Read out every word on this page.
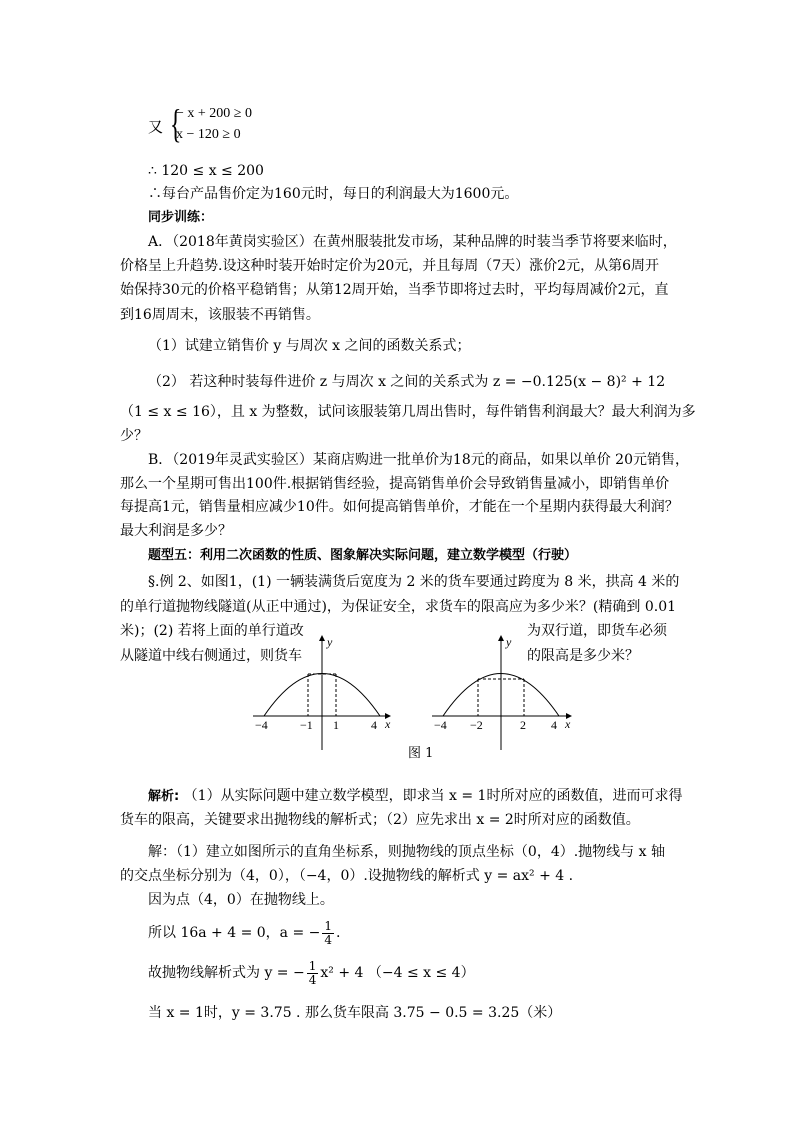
又 {
− x + 200 ≥ 0
x − 120 ≥ 0
∴ 120 ≤ x ≤ 200
∴每台产品售价定为160元时，每日的利润最大为1600元。
同步训练：
A．（2018年黄岗实验区）在黄州服装批发市场，某种品牌的时装当季节将要来临时，
价格呈上升趋势.设这种时装开始时定价为20元，并且每周（7天）涨价2元，从第6周开
始保持30元的价格平稳销售；从第12周开始，当季节即将过去时，平均每周减价2元，直
到16周周末，该服装不再销售。
（1）试建立销售价 y 与周次 x 之间的函数关系式；
（2） 若这种时装每件进价 z 与周次 x 之间的关系式为 z = −0.125(x − 8)² + 12
（1 ≤ x ≤ 16），且 x 为整数，试问该服装第几周出售时，每件销售利润最大？最大利润为多
少？
B．（2019年灵武实验区）某商店购进一批单价为18元的商品，如果以单价 20元销售，
那么一个星期可售出100件.根据销售经验，提高销售单价会导致销售量减小，即销售单价
每提高1元，销售量相应减少10件。如何提高销售单价，才能在一个星期内获得最大利润？
最大利润是多少？
题型五：利用二次函数的性质、图象解决实际问题，建立数学模型（行驶）
§.例 2、如图1，(1) 一辆装满货后宽度为 2 米的货车要通过跨度为 8 米，拱高 4 米的
的单行道抛物线隧道(从正中通过)，为保证安全，求货车的限高应为多少米？(精确到 0.01
米)；(2) 若将上面的单行道改	为双行道，即货车必须
从隧道中线右侧通过，则货车	的限高是多少米？
−4	−1 1	4 x
y
−4 −2	2 4 x
y
图 1
解析: （1）从实际问题中建立数学模型，即求当 x = 1时所对应的函数值，进而可求得
货车的限高，关键要求出抛物线的解析式；（2）应先求出 x = 2时所对应的函数值。
解：（1）建立如图所示的直角坐标系，则抛物线的顶点坐标（0，4）.抛物线与 x 轴
的交点坐标分别为（4，0），（−4，0）.设抛物线的解析式 y = ax² + 4 .
因为点（4，0）在抛物线上。
所以 16a + 4 = 0，a = − $\frac{1}{4}$ .
故抛物线解析式为 y = − $\frac{1}{4} x^2 + 4$ （−4 ≤ x ≤ 4）
当 x = 1时，y = 3.75 . 那么货车限高 3.75 − 0.5 = 3.25（米）
